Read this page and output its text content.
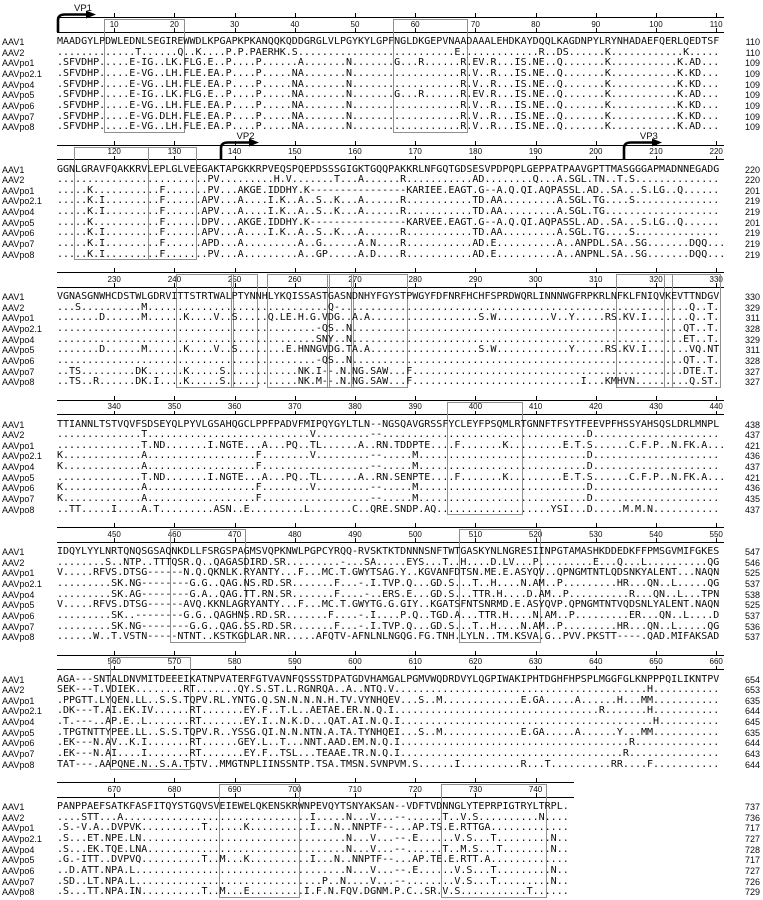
10	20	30	40	50	60	70	80	90	100	110
AAV1	MAADGYLPDWLEDNLSEGIREWWDLKPGAPKPKANQQKQDDGRGLVLPGYKYLGPFNGLDKGEPVNAADAAALEHDKAYDQQLKAGDNPYLRYNHADAEFQERLQEDTSF	110
AAV2	.............T......Q..K....P.P.PAERHK.S..........................E.............R..DS......K............K.....	110
AAVpo1 .SFVDHP.....E-IG..LK.FLG.E..P....P......A.......N.......G...R......R.EV.R...IS.NE..Q.......K...........K.AD...	109
AAVpo2.1 .SFVDHP.....E-VG..LH.FLE.EA.P....P.....NA.......N..................R.V..R...IS.NE..Q.......K...........K.KD...	109
AAVpo4 .SFVDHP.....E-VG..LH.FLE.EA.P....P.....NA.......N..................R.V..R...IS.NE..Q.......K...........K.KD...	109
AAVpo5 .SFVDHP.....E-IG..LK.FLG.E..P....P.....NA.......N.......G...R......R.EV.R...IS.NE..Q.......K...........K.AD...	109
AAVpo6 .SFVDHP.....E-VG..LH.FLE.EA.P....P.....NA.......N..................R.V..R...IS.NE..Q.......K...........K.KD...	109
AAVpo7 .SFVDHP.....E-VG.DLH.FLE.EA.P....P.....NA.......N..................R.V..R...IS.NE..Q.......K...........K.KD...	109
AAVpo8 .SFVDHP.....E-VG..LH.FLE.EA.P....P.....NA.......N..................R.V..R...IS.NE..Q.......K...........K.AD...	109
VP1
120	130	140	150	160	170	180	190	200	210	220
AAV1	GGNLGRAVFQAKKRVLEPLGLVEEGAKTAPGKKRPVEQSPQEPDSSSGIGKTGQQPAKKRLNFGQTGDSESVPDPQPLGEPPATPAAVGPTTMASGGGAPMADNNEGADG	220
AAV2	.........................PV.........H.V.......T...A......R...........AD........Q...A.SGL.TN..T.S..............	220
AAVpo1 .....K...........F.......PV...AKGE.IDDHY.K----------------KARIEE.EAGT.G--A.Q.QI.AQPASSL.AD..SA...S.LG..Q......	201
AAVpo2.1 .....K.I.........F......APV...A....I.K..A..S..K...A......R...........TD.AA.........A.SGL.TG....S..............	219
AAVpo4 .....K.I.........F......APV...A....I.K..A..S..K...A......R...........TD.AA.........A.SGL.TG...................	219
AAVpo5 .....K...........F......DPV...AKGE.IDDHY.K----------------KARVEE.EAGT.G--A.Q.QI.AQPASSL.AD..SA...S.LG..Q......	201
AAVpo6 .....K.I.........F......APV...A....I.K..A..S..K...A......R...........TD.AA.........A.SGL.TG....S..............	219
AAVpo7 .....K.I.........F......APD...A.........A..G......A.N....R...........AD.E..........A..ANPDL.SA..SG.......DQQ...	219
AAVpo8 .....K.I.........F.......PV...A.........A..GP.....A.D....R...........AD.E..........A..ANPNL.SA..SG.......DQQ...	219
VP2	VP3
230	240	250	260	270	280	290	300	310	320	330
AAV1	VGNASGNWHCDSTWLGDRVITTSTRTWALPTYNNHLYKQISSASTGASNDNHYFGYSTPWGYFDFNRFHCHFSPRDWQRLINNNWGFRPKRLNFKLFNIQVKEVTTNDGV	330
AAV2	...S..........M..............................Q-..........................................................Q..T.	329
AAVpo1 .......D......M......K....V..S.....Q.LE.H.G.VDG..A.A..................S.W.........V..Y.....RS.KV.I.......Q..T.	311
AAVpo2.1 ...........................................-QS..N.......................................................QT..T.	328
AAVpo4 ...........................................SNY..N.......................................................ET..T.	329
AAVpo5 .......D......M......K....V..S........E.HNNGVDG.TA.A..................S.W............Y.....RS.KV.I.......VQ.NT	311
AAVpo6 ...........................................-QS..N.......................................................QT..T.	328
AAVpo7 ..TS.........DK......K.....S............NK.I--.N.NG.SAW...F.............................................DTE.T.	327
AAVpo8 ..TS..R......DK.I....K.....S............NK.M--.N.NG.SAW...F............................I...KMHVN.........Q.ST.	327
340	350	360	370	380	390	400	410	420	430	440
AAV1	TTIANNLTSTVQVFSDSEYQLPYVLGSAHQGCLPPFPADVFMIPQYGYLTLN--NGSQAVGRSSFYCLEYFPSQMLRTGNNFTFSYTFEEVPFHSSYAHSQSLDRLMNPL	438
AAV2	..............T...........................V.........--..................................D.....................	437
AAVpo1 ..............T.ND.......I.NGTE...A...PQ..TL......A..RN.TDDPTE....F.......K.........E.T.S......C.F.P..N.FK.A...	421
AAVpo2.1 K.............A..................F........V.........--.....M............................D.....................	436
AAVpo4 K.............A..................F..................--.....M............................D.....................	437
AAVpo5 ..............T.ND.......I.NGTE...A...PQ..TL......A..RN.SENPTE....F.......K.........E.T.S......C.F.P..N.FK.A...	421
AAVpo6 K.............A..................F........V.........--.....M............................D.....................	436
AAVpo7 K.............A..................F..................--.....M............................D.....................	435
AAVpo8 ..TT.....I....A.T.........ASN..E.........L.......C..QRE.SNDP.AQ...................YSI...D.....M.M.N...........	437
450	460	470	480	490	500	510	520	530	540	550
AAV1	IDQYLYYLNRTQNQSGSAQNKDLLFSRGSPAGMSVQPKNWLPGPCYRQQ-RVSKTKTDNNNSNFTWTGASKYNLNGRESIINPGTAMASHKDDEDKFFPMSGVMIFGKES	547
AAV2	........S..NTP..TTTQSR.Q..QAGASDIRD.SR.........-...SA.....EYS...T..H....D.LV...P.........E...Q...L..........QG	546
AAVpo1 V.....RFVS.DTSG------N.Q.QKNLK.RYANTY...F...MC.T.GWYTSAG.Y..KGVANFDTSN.ME.E.ASYQV..QPNGMTNTLQDSNKYALENT...NAQN	525
AAVpo2.1 .........SK.NG--------G.G..QAG.NS.RD.SR.......F...-.I.TVP.Q...GD.S...T..H....N.AM..P.........HR...QN..L.....QG	537
AAVpo4 .........SK.AG--------G.A..QAG.TT.RN.SR.......F....-..ERS.E...GD.S...TTR.H....D.AM..P..........R...QN..L...TPN	538
AAVpo5 V.....RFVS.DTSG------AVQ.KKNLAGRYANTY...F...MC.T.GWYTG.G.GIY..KGATSFNTSNRMD.E.ASYQVP.QPNGMTNTVQDSNLYALENT.NAQN	525
AAVpo6 .........SK..--------G.G..QAGHNS.RD.SR.......F....-.I....P.Q..TGD.A...TTR.H....N.AM..P.........ER...QN..L....D	537
AAVpo7 .........SK.NG--------G.G..QAG.SS.RD.SR.......F...-.I.TVP.Q...GD.S...T..H....N.AM..P.........HR...QN..L.....QG	536
AAVpo8 ......W..T.VSTN-----NTNT..KSTKGDLAR.NR.....AFQTV-AFNLNLNGQG.FG.TNH.LYLN..TM.KSVA.G..PVV.PKSTT----.QAD.MIFAKSAD	537
560	570	580	590	600	610	620	630	640	650	660
AAV1	AGA---SNTALDNVMITDEEEIKATNPVATERFGTVAVNFQSSSTDPATGDVHAMGALPGMVWQDRDVYLQGPIWAKIPHTDGHFHPSPLMGGFGLKNPPPQILIKNTPV	654
AAV2	SEK---T.VDIEK........RT.......QY.S.ST.L.RGNRQA..A..NTQ.V..........................................H...........	653
AAVpo1 .PPGTT.LYQEN.LL..S.S.TQPV.RL.YNTG.Q.SN.N.N.N.H.TV.VYNHQEV...S..M.............E.GA.....A......H...MM...........	635
AAVpo2.1 .DK---T.AI.EK.IV......RT.......EY.F..T.L..AETAE.ER.N.Q.I..................................R.......H...........	644
AAVpo4 .T.---..AP.E..L.......RT.......EY.I..N.K.D...QAT.AI.N.Q.I..........................................H..........	645
AAVpo5 .TPGTNTTYPEE.LL..S.S.TQPV.R..YSSG.QI.N.N.NTN.A.TA.TYNHQEI...S..M.............E.GA.....A......Y...MM...........	635
AAVpo6 .EK---N.AV..K.I.......RT......GEY.L..T...NNT.AAD.EM.N.Q.I......................................R..............	644
AAVpo7 .EK---N.AI....I.......RT.......EY.F..TSL...TEAAE.TR.N.Q.I.....................................R...............	643
AAVpo8 TAT---.AAPQNE.N..S.A.TSTV..MMGTNPLIINSSNTP.TSA.TMSN.SVNPVM.S......I..........R...T..........RR....F...........	644
670	680	690	700	710	720	730	740
AAV1	PANPPAEFSATKFASFITQYSTGQVSVEIEWELQKENSKRWNPEVQYTSNYAKSAN--VDFTVDNNGLYTEPRPIGTRYLTRPL.	737
AAV2	....STT...A...............................I.....N...V...--......T..V.S..........N....	736
AAVpo1 .S.-V.A..DVPVK..........T......K..........I...N..NNPTF--...AP.TS.E.RTTGA.............	717
AAVpo2.1 .S...ET.NPE.LN..................................N...V...--.E......V.S...T.........N..	727
AAVpo4 .S...EK.TQE.LNA.................................N...V...--......T..M.S...T........N..	728
AAVpo5 .G.-ITT..DVPVQ..........T..M...K..........I...N..NNPTF--...AP.TE.E.RTT.A.............	717
AAVpo6 ..D.ATT.NPA.L...................................N...V...--.E......V.S...T.........N..	727
AAVpo7 .SD..LT.NPA.L...............................P..N....V...--........V.S...T.........N..	726
AAVpo8 .S...TT.NPA.IN..........T..M...E.........I.F.N.FQV.DGNM.P.C..SR.V.S...........T......	729
